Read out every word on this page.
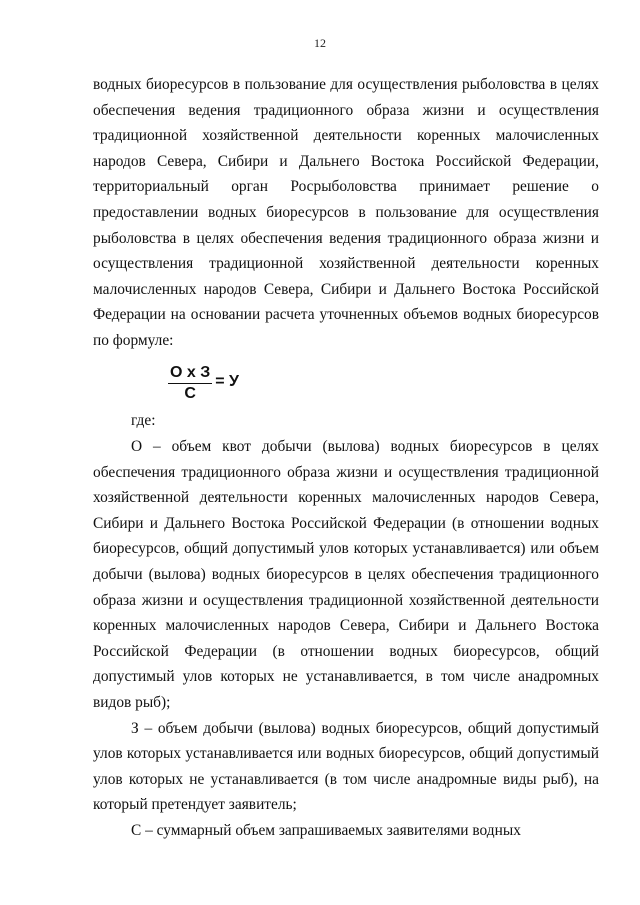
12

водных биоресурсов в пользование для осуществления рыболовства в целях обеспечения ведения традиционного образа жизни и осуществления традиционной хозяйственной деятельности коренных малочисленных народов Севера, Сибири и Дальнего Востока Российской Федерации, территориальный орган Росрыболовства принимает решение о предоставлении водных биоресурсов в пользование для осуществления рыболовства в целях обеспечения ведения традиционного образа жизни и осуществления традиционной хозяйственной деятельности коренных малочисленных народов Севера, Сибири и Дальнего Востока Российской Федерации на основании расчета уточненных объемов водных биоресурсов по формуле:

$\frac{\text{О x З}}{С} = У$
где:
О – объем квот добычи (вылова) водных биоресурсов в целях обеспечения традиционного образа жизни и осуществления традиционной хозяйственной деятельности коренных малочисленных народов Севера, Сибири и Дальнего Востока Российской Федерации (в отношении водных биоресурсов, общий допустимый улов которых устанавливается) или объем добычи (вылова) водных биоресурсов в целях обеспечения традиционного образа жизни и осуществления традиционной хозяйственной деятельности коренных малочисленных народов Севера, Сибири и Дальнего Востока Российской Федерации (в отношении водных биоресурсов, общий допустимый улов которых не устанавливается, в том числе анадромных видов рыб);
З – объем добычи (вылова) водных биоресурсов, общий допустимый улов которых устанавливается или водных биоресурсов, общий допустимый улов которых не устанавливается (в том числе анадромные виды рыб), на который претендует заявитель;
С – суммарный объем запрашиваемых заявителями водных
